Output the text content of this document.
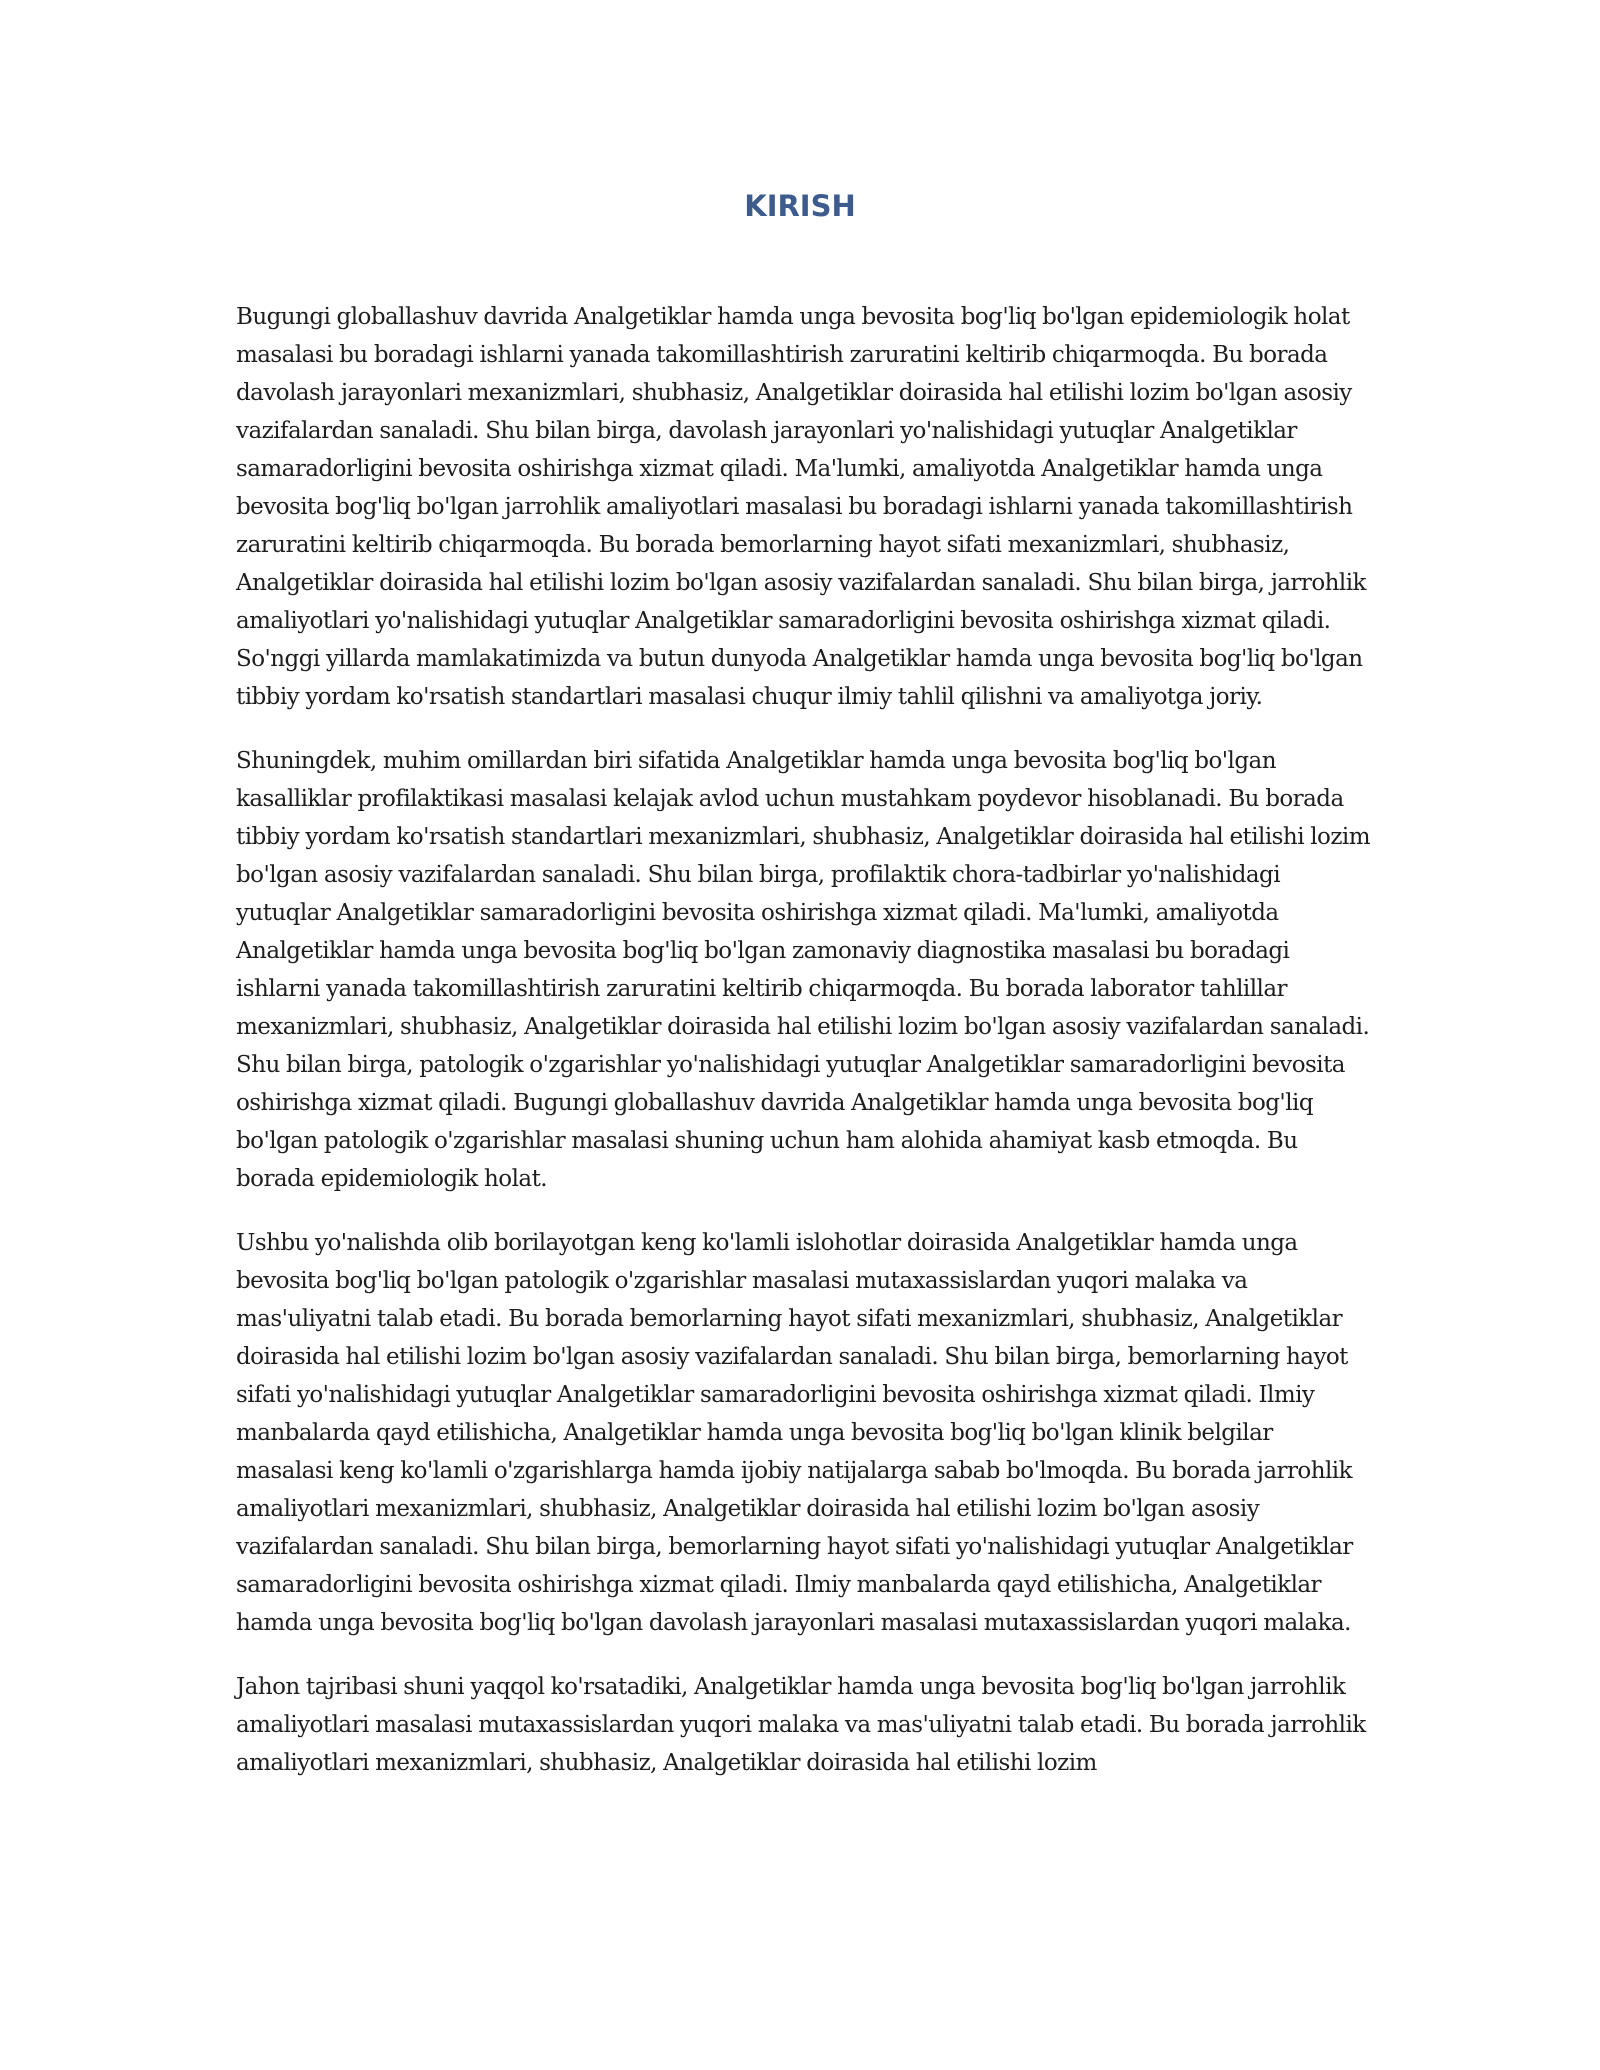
KIRISH

Bugungi globallashuv davrida Analgetiklar hamda unga bevosita bog'liq bo'lgan epidemiologik holat masalasi bu boradagi ishlarni yanada takomillashtirish zaruratini keltirib chiqarmoqda. Bu borada davolash jarayonlari mexanizmlari, shubhasiz, Analgetiklar doirasida hal etilishi lozim bo'lgan asosiy vazifalardan sanaladi. Shu bilan birga, davolash jarayonlari yo'nalishidagi yutuqlar Analgetiklar samaradorligini bevosita oshirishga xizmat qiladi. Ma'lumki, amaliyotda Analgetiklar hamda unga bevosita bog'liq bo'lgan jarrohlik amaliyotlari masalasi bu boradagi ishlarni yanada takomillashtirish zaruratini keltirib chiqarmoqda. Bu borada bemorlarning hayot sifati mexanizmlari, shubhasiz, Analgetiklar doirasida hal etilishi lozim bo'lgan asosiy vazifalardan sanaladi. Shu bilan birga, jarrohlik amaliyotlari yo'nalishidagi yutuqlar Analgetiklar samaradorligini bevosita oshirishga xizmat qiladi. So'nggi yillarda mamlakatimizda va butun dunyoda Analgetiklar hamda unga bevosita bog'liq bo'lgan tibbiy yordam ko'rsatish standartlari masalasi chuqur ilmiy tahlil qilishni va amaliyotga joriy.

Shuningdek, muhim omillardan biri sifatida Analgetiklar hamda unga bevosita bog'liq bo'lgan kasalliklar profilaktikasi masalasi kelajak avlod uchun mustahkam poydevor hisoblanadi. Bu borada tibbiy yordam ko'rsatish standartlari mexanizmlari, shubhasiz, Analgetiklar doirasida hal etilishi lozim bo'lgan asosiy vazifalardan sanaladi. Shu bilan birga, profilaktik chora-tadbirlar yo'nalishidagi yutuqlar Analgetiklar samaradorligini bevosita oshirishga xizmat qiladi. Ma'lumki, amaliyotda Analgetiklar hamda unga bevosita bog'liq bo'lgan zamonaviy diagnostika masalasi bu boradagi ishlarni yanada takomillashtirish zaruratini keltirib chiqarmoqda. Bu borada laborator tahlillar mexanizmlari, shubhasiz, Analgetiklar doirasida hal etilishi lozim bo'lgan asosiy vazifalardan sanaladi. Shu bilan birga, patologik o'zgarishlar yo'nalishidagi yutuqlar Analgetiklar samaradorligini bevosita oshirishga xizmat qiladi. Bugungi globallashuv davrida Analgetiklar hamda unga bevosita bog'liq bo'lgan patologik o'zgarishlar masalasi shuning uchun ham alohida ahamiyat kasb etmoqda. Bu borada epidemiologik holat.

Ushbu yo'nalishda olib borilayotgan keng ko'lamli islohotlar doirasida Analgetiklar hamda unga bevosita bog'liq bo'lgan patologik o'zgarishlar masalasi mutaxassislardan yuqori malaka va mas'uliyatni talab etadi. Bu borada bemorlarning hayot sifati mexanizmlari, shubhasiz, Analgetiklar doirasida hal etilishi lozim bo'lgan asosiy vazifalardan sanaladi. Shu bilan birga, bemorlarning hayot sifati yo'nalishidagi yutuqlar Analgetiklar samaradorligini bevosita oshirishga xizmat qiladi. Ilmiy manbalarda qayd etilishicha, Analgetiklar hamda unga bevosita bog'liq bo'lgan klinik belgilar masalasi keng ko'lamli o'zgarishlarga hamda ijobiy natijalarga sabab bo'lmoqda. Bu borada jarrohlik amaliyotlari mexanizmlari, shubhasiz, Analgetiklar doirasida hal etilishi lozim bo'lgan asosiy vazifalardan sanaladi. Shu bilan birga, bemorlarning hayot sifati yo'nalishidagi yutuqlar Analgetiklar samaradorligini bevosita oshirishga xizmat qiladi. Ilmiy manbalarda qayd etilishicha, Analgetiklar hamda unga bevosita bog'liq bo'lgan davolash jarayonlari masalasi mutaxassislardan yuqori malaka.

Jahon tajribasi shuni yaqqol ko'rsatadiki, Analgetiklar hamda unga bevosita bog'liq bo'lgan jarrohlik amaliyotlari masalasi mutaxassislardan yuqori malaka va mas'uliyatni talab etadi. Bu borada jarrohlik amaliyotlari mexanizmlari, shubhasiz, Analgetiklar doirasida hal etilishi lozim
